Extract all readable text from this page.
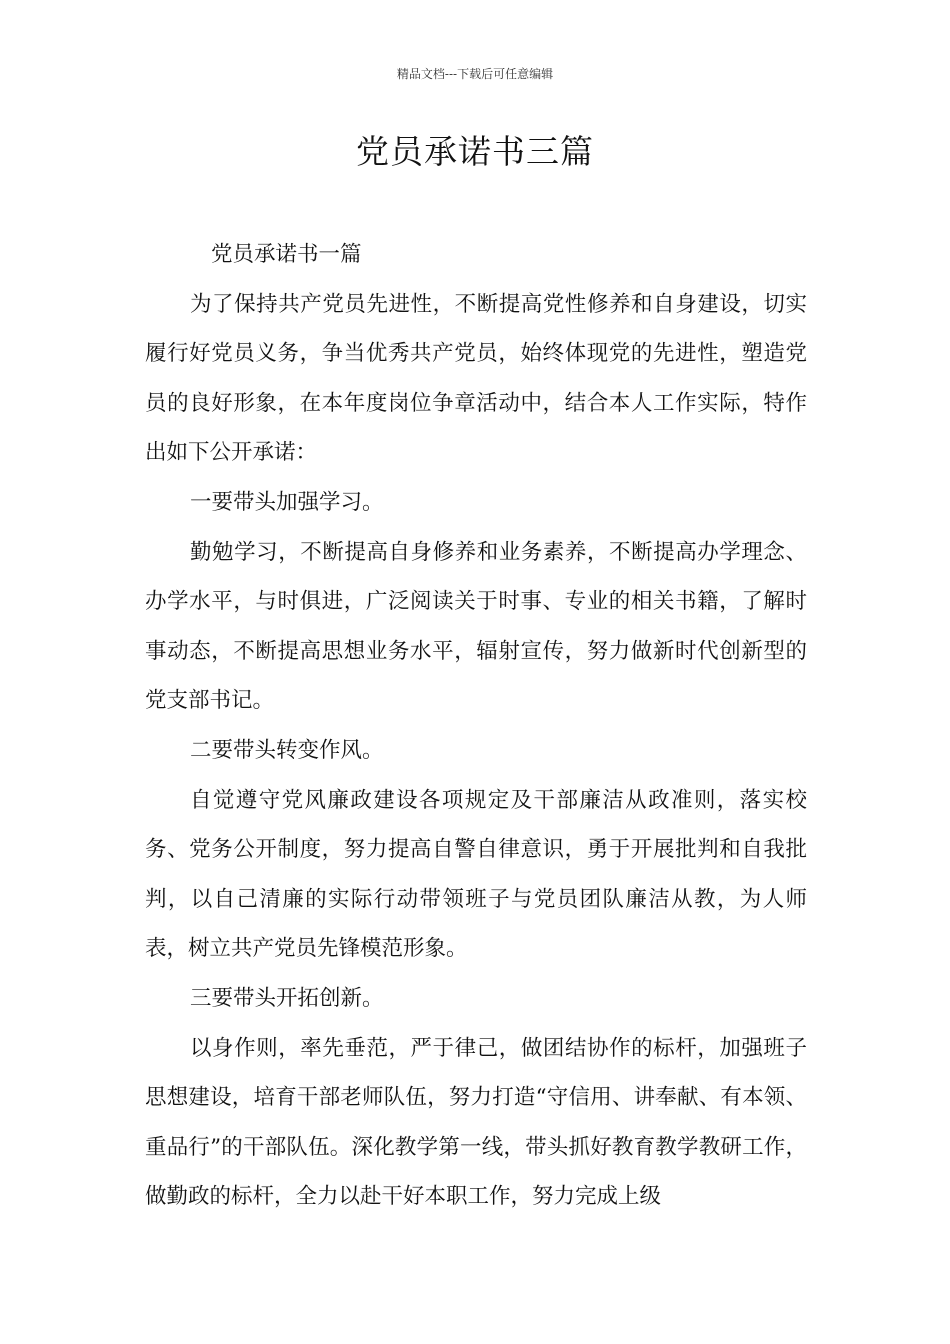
精品文档---下载后可任意编辑
党员承诺书三篇

党员承诺书一篇

为了保持共产党员先进性，不断提高党性修养和自身建设，切实履行好党员义务，争当优秀共产党员，始终体现党的先进性，塑造党员的良好形象，在本年度岗位争章活动中，结合本人工作实际，特作出如下公开承诺：

一要带头加强学习。

勤勉学习，不断提高自身修养和业务素养，不断提高办学理念、办学水平，与时俱进，广泛阅读关于时事、专业的相关书籍，了解时事动态，不断提高思想业务水平，辐射宣传，努力做新时代创新型的党支部书记。

二要带头转变作风。

自觉遵守党风廉政建设各项规定及干部廉洁从政准则，落实校务、党务公开制度，努力提高自警自律意识，勇于开展批判和自我批判，以自己清廉的实际行动带领班子与党员团队廉洁从教，为人师表，树立共产党员先锋模范形象。

三要带头开拓创新。

以身作则，率先垂范，严于律己，做团结协作的标杆，加强班子思想建设，培育干部老师队伍，努力打造“守信用、讲奉献、有本领、重品行”的干部队伍。深化教学第一线，带头抓好教育教学教研工作，做勤政的标杆，全力以赴干好本职工作，努力完成上级
